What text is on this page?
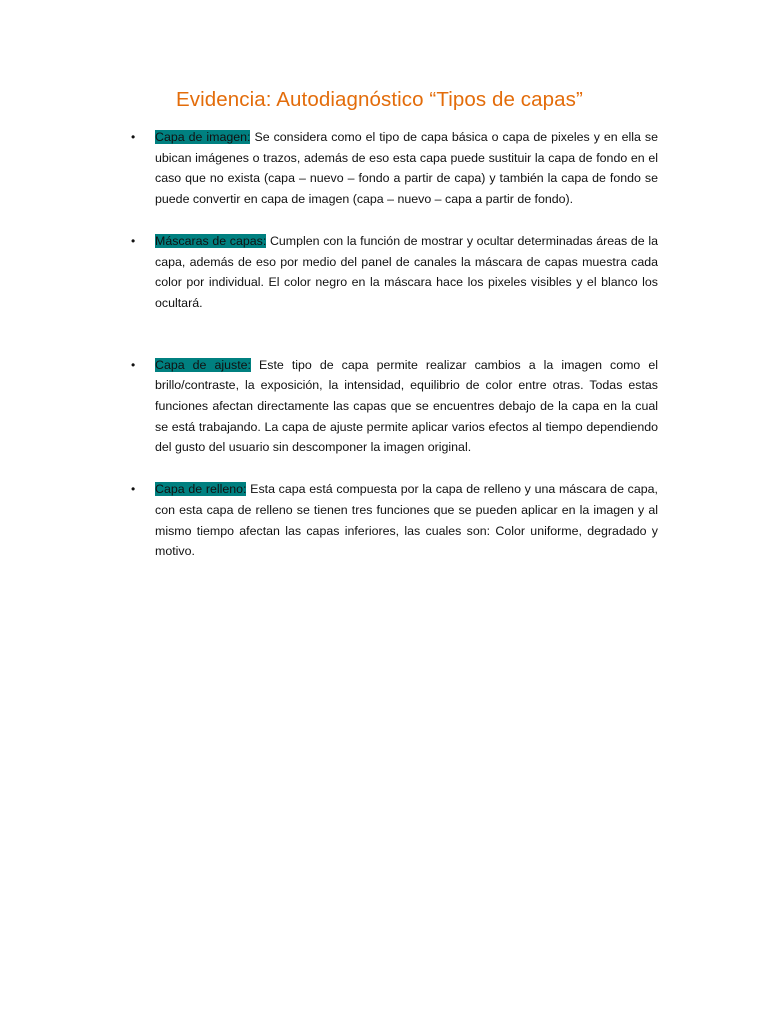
Evidencia: Autodiagnóstico “Tipos de capas”
• Capa de imagen: Se considera como el tipo de capa básica o capa de pixeles y en ella se ubican imágenes o trazos, además de eso esta capa puede sustituir la capa de fondo en el caso que no exista (capa – nuevo – fondo a partir de capa) y también la capa de fondo se puede convertir en capa de imagen (capa – nuevo – capa a partir de fondo).
• Máscaras de capas: Cumplen con la función de mostrar y ocultar determinadas áreas de la capa, además de eso por medio del panel de canales la máscara de capas muestra cada color por individual. El color negro en la máscara hace los pixeles visibles y el blanco los ocultará.
• Capa de ajuste: Este tipo de capa permite realizar cambios a la imagen como el brillo/contraste, la exposición, la intensidad, equilibrio de color entre otras. Todas estas funciones afectan directamente las capas que se encuentres debajo de la capa en la cual se está trabajando. La capa de ajuste permite aplicar varios efectos al tiempo dependiendo del gusto del usuario sin descomponer la imagen original.
• Capa de relleno: Esta capa está compuesta por la capa de relleno y una máscara de capa, con esta capa de relleno se tienen tres funciones que se pueden aplicar en la imagen y al mismo tiempo afectan las capas inferiores, las cuales son: Color uniforme, degradado y motivo.
